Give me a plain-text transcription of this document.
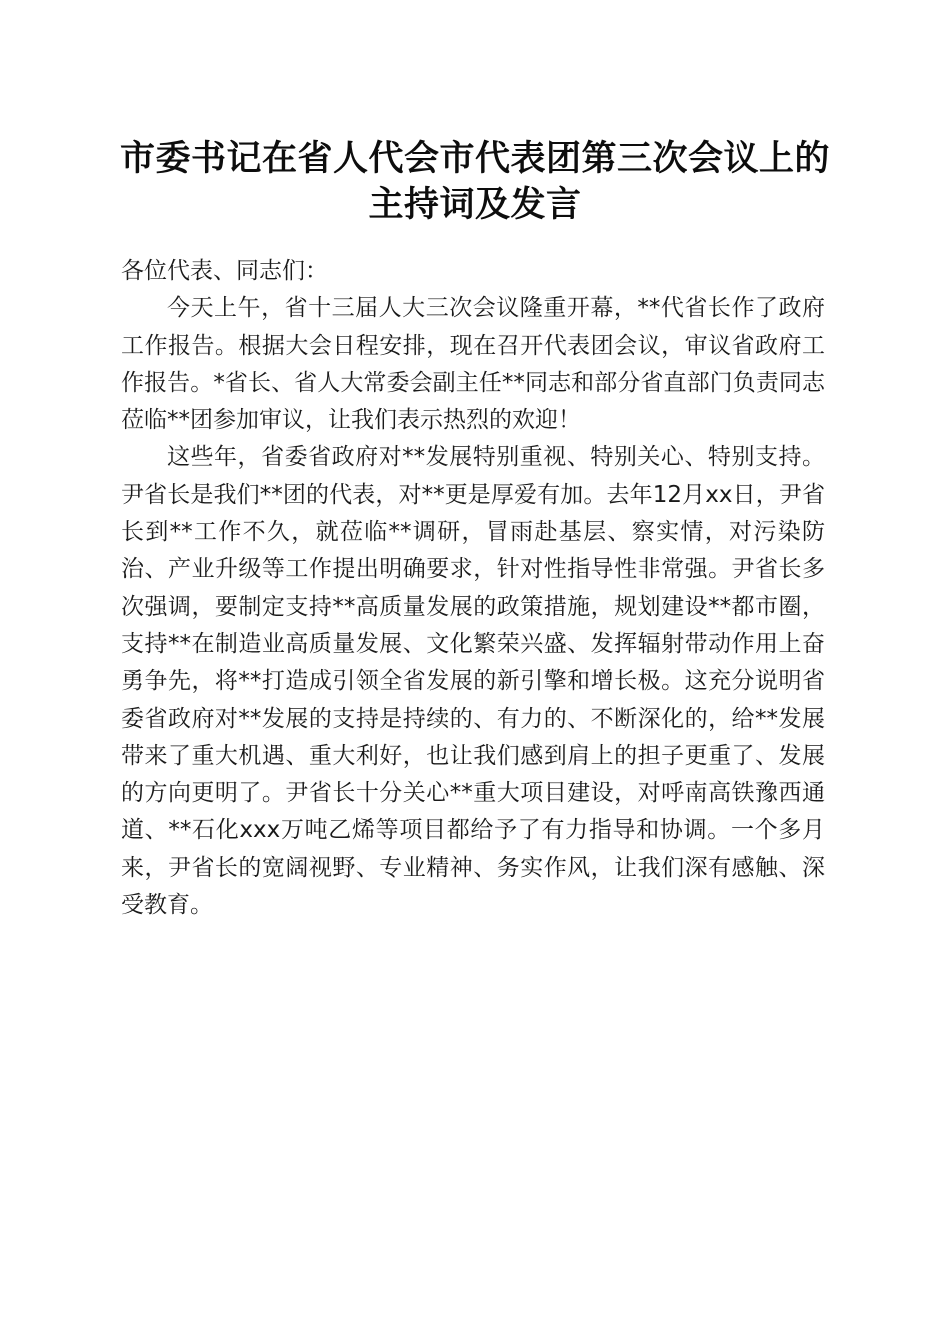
市委书记在省人代会市代表团第三次会议上的
主持词及发言

各位代表、同志们：

今天上午，省十三届人大三次会议隆重开幕，**代省长作了政府工作报告。根据大会日程安排，现在召开代表团会议，审议省政府工作报告。*省长、省人大常委会副主任**同志和部分省直部门负责同志莅临**团参加审议，让我们表示热烈的欢迎！

这些年，省委省政府对**发展特别重视、特别关心、特别支持。尹省长是我们**团的代表，对**更是厚爱有加。去年12月xx日，尹省长到**工作不久，就莅临**调研，冒雨赴基层、察实情，对污染防治、产业升级等工作提出明确要求，针对性指导性非常强。尹省长多次强调，要制定支持**高质量发展的政策措施，规划建设**都市圈，支持**在制造业高质量发展、文化繁荣兴盛、发挥辐射带动作用上奋勇争先，将**打造成引领全省发展的新引擎和增长极。这充分说明省委省政府对**发展的支持是持续的、有力的、不断深化的，给**发展带来了重大机遇、重大利好，也让我们感到肩上的担子更重了、发展的方向更明了。尹省长十分关心**重大项目建设，对呼南高铁豫西通道、**石化xxx万吨乙烯等项目都给予了有力指导和协调。一个多月来，尹省长的宽阔视野、专业精神、务实作风，让我们深有感触、深受教育。
